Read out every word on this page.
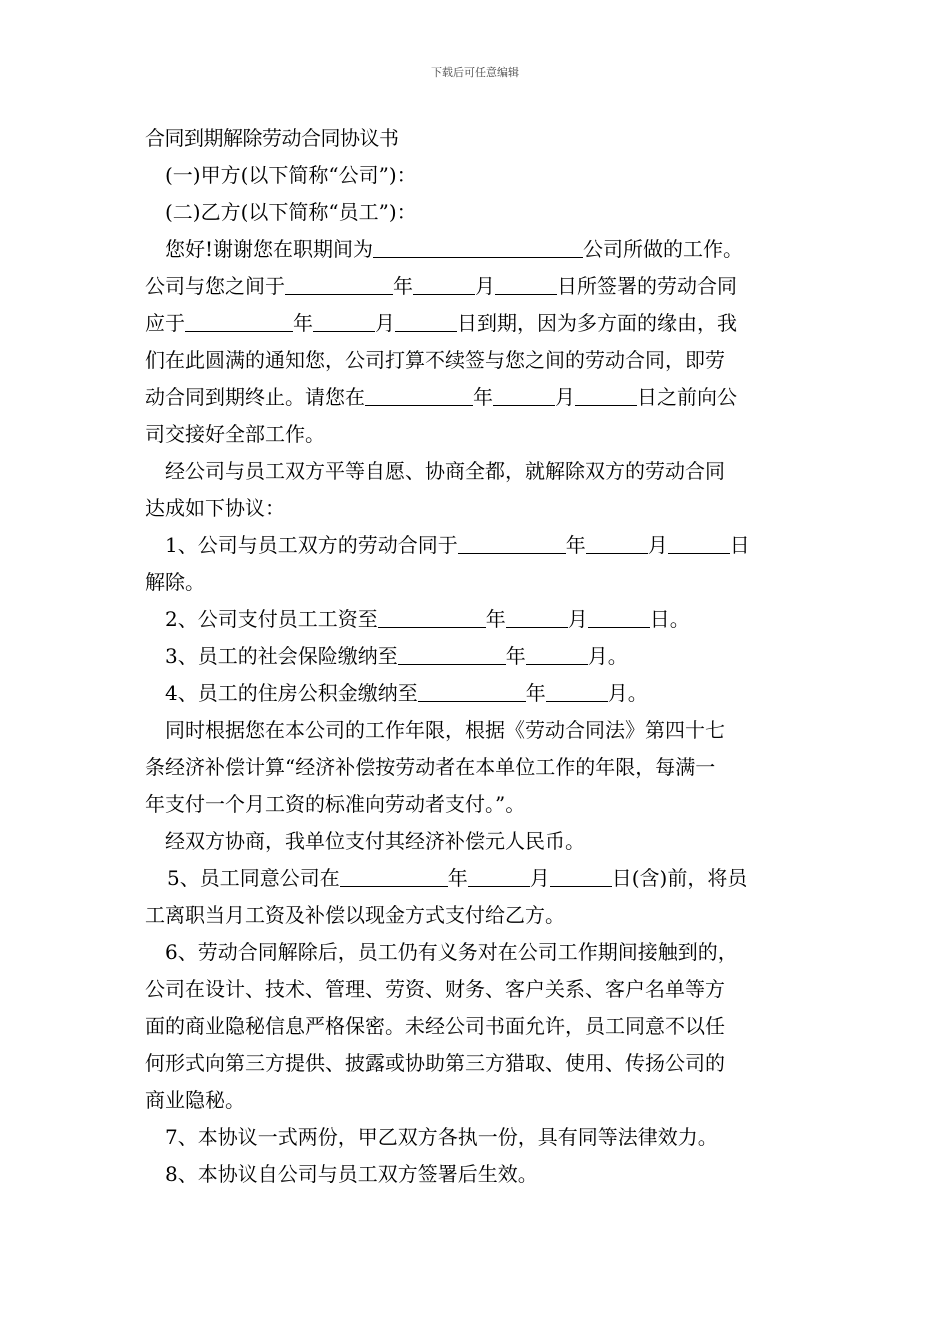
下载后可任意编辑

合同到期解除劳动合同协议书

(一)甲方(以下简称“公司”)：

(二)乙方(以下简称“员工”)：

您好!谢谢您在职期间为	公司所做的工作。

公司与您之间于	年	月	日所签署的劳动合同

应于	年	月	日到期，因为多方面的缘由，我

们在此圆满的通知您，公司打算不续签与您之间的劳动合同，即劳

动合同到期终止。请您在	年	月	日之前向公

司交接好全部工作。

经公司与员工双方平等自愿、协商全都，就解除双方的劳动合同

达成如下协议：

1、公司与员工双方的劳动合同于	年	月	日

解除。

2、公司支付员工工资至	年	月	日。

3、员工的社会保险缴纳至	年	月。

4、员工的住房公积金缴纳至	年	月。

同时根据您在本公司的工作年限，根据《劳动合同法》第四十七

条经济补偿计算“经济补偿按劳动者在本单位工作的年限，每满一

年支付一个月工资的标准向劳动者支付。”。

经双方协商，我单位支付其经济补偿元人民币。

5、员工同意公司在	年	月	日(含)前，将员

工离职当月工资及补偿以现金方式支付给乙方。

6、劳动合同解除后，员工仍有义务对在公司工作期间接触到的，

公司在设计、技术、管理、劳资、财务、客户关系、客户名单等方

面的商业隐秘信息严格保密。未经公司书面允许，员工同意不以任

何形式向第三方提供、披露或协助第三方猎取、使用、传扬公司的

商业隐秘。

7、本协议一式两份，甲乙双方各执一份，具有同等法律效力。

8、本协议自公司与员工双方签署后生效。
